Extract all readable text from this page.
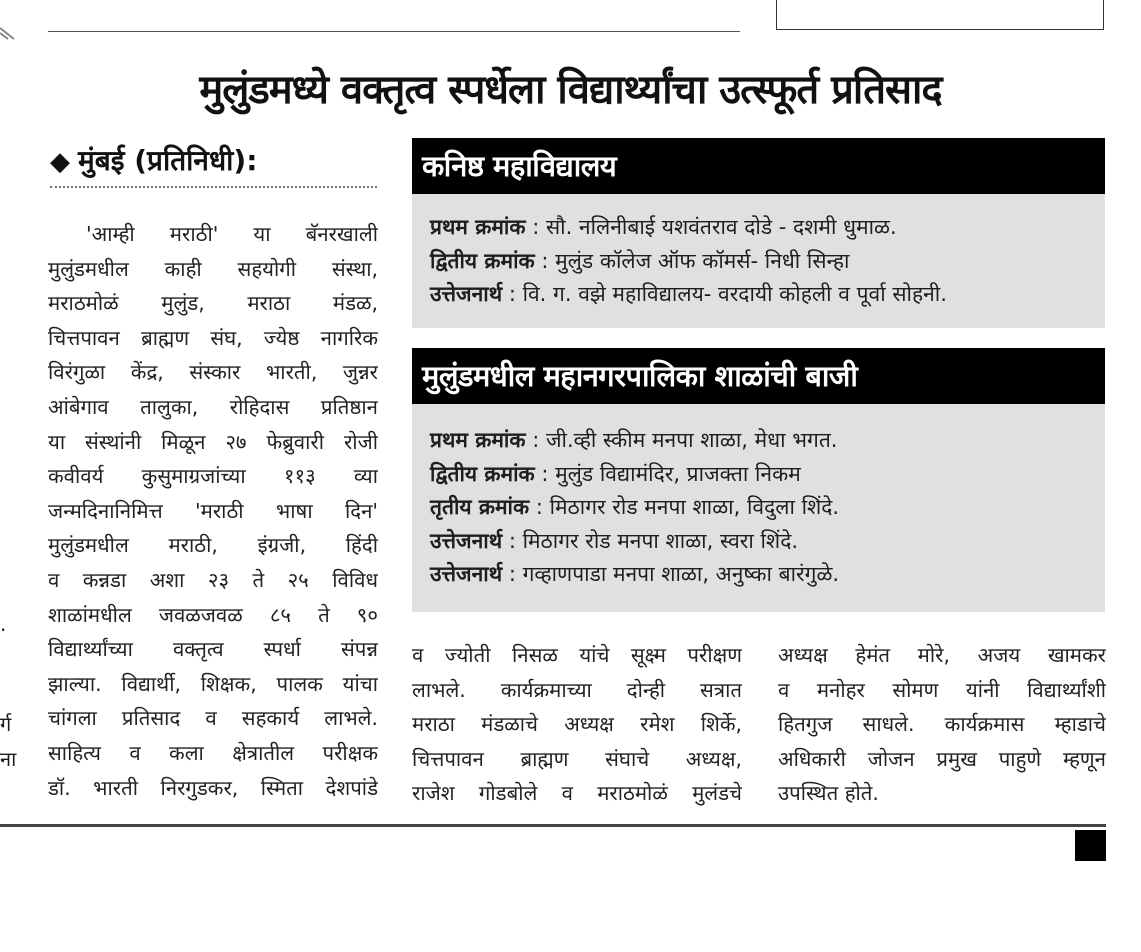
मुलुंडमध्ये वक्तृत्व स्पर्धेला विद्यार्थ्यांचा उत्स्फूर्त प्रतिसाद
◆ मुंबई (प्रतिनिधी):
'आम्ही मराठी' या बॅनरखाली
मुलुंडमधील काही सहयोगी संस्था,
मराठमोळं मुलुंड, मराठा मंडळ,
चित्तपावन ब्राह्मण संघ, ज्येष्ठ नागरिक
विरंगुळा केंद्र, संस्कार भारती, जुन्नर
आंबेगाव तालुका, रोहिदास प्रतिष्ठान
या संस्थांनी मिळून २७ फेब्रुवारी रोजी
कवीवर्य कुसुमाग्रजांच्या ११३ व्या
जन्मदिनानिमित्त 'मराठी भाषा दिन'
मुलुंडमधील मराठी, इंग्रजी, हिंदी
व कन्नडा अशा २३ ते २५ विविध
शाळांमधील जवळजवळ ८५ ते ९०
विद्यार्थ्यांच्या वक्तृत्व स्पर्धा संपन्न
झाल्या. विद्यार्थी, शिक्षक, पालक यांचा
चांगला प्रतिसाद व सहकार्य लाभले.
साहित्य व कला क्षेत्रातील परीक्षक
डॉ. भारती निरगुडकर, स्मिता देशपांडे
कनिष्ठ महाविद्यालय
प्रथम क्रमांक : सौ. नलिनीबाई यशवंतराव दोडे - दशमी धुमाळ.
द्वितीय क्रमांक : मुलुंड कॉलेज ऑफ कॉमर्स- निधी सिन्हा
उत्तेजनार्थ : वि. ग. वझे महाविद्यालय- वरदायी कोहली व पूर्वा सोहनी.
मुलुंडमधील महानगरपालिका शाळांची बाजी
प्रथम क्रमांक : जी.व्ही स्कीम मनपा शाळा, मेधा भगत.
द्वितीय क्रमांक : मुलुंड विद्यामंदिर, प्राजक्ता निकम
तृतीय क्रमांक : मिठागर रोड मनपा शाळा, विदुला शिंदे.
उत्तेजनार्थ : मिठागर रोड मनपा शाळा, स्वरा शिंदे.
उत्तेजनार्थ : गव्हाणपाडा मनपा शाळा, अनुष्का बारंगुळे.
व ज्योती निसळ यांचे सूक्ष्म परीक्षण
लाभले. कार्यक्रमाच्या दोन्ही सत्रात
मराठा मंडळाचे अध्यक्ष रमेश शिर्के,
चित्तपावन ब्राह्मण संघाचे अध्यक्ष,
राजेश गोडबोले व मराठमोळं मुलंडचे
अध्यक्ष हेमंत मोरे, अजय खामकर
व मनोहर सोमण यांनी विद्यार्थ्यांशी
हितगुज साधले. कार्यक्रमास म्हाडाचे
अधिकारी जोजन प्रमुख पाहुणे म्हणून
उपस्थित होते.
.
र्ग
ना
